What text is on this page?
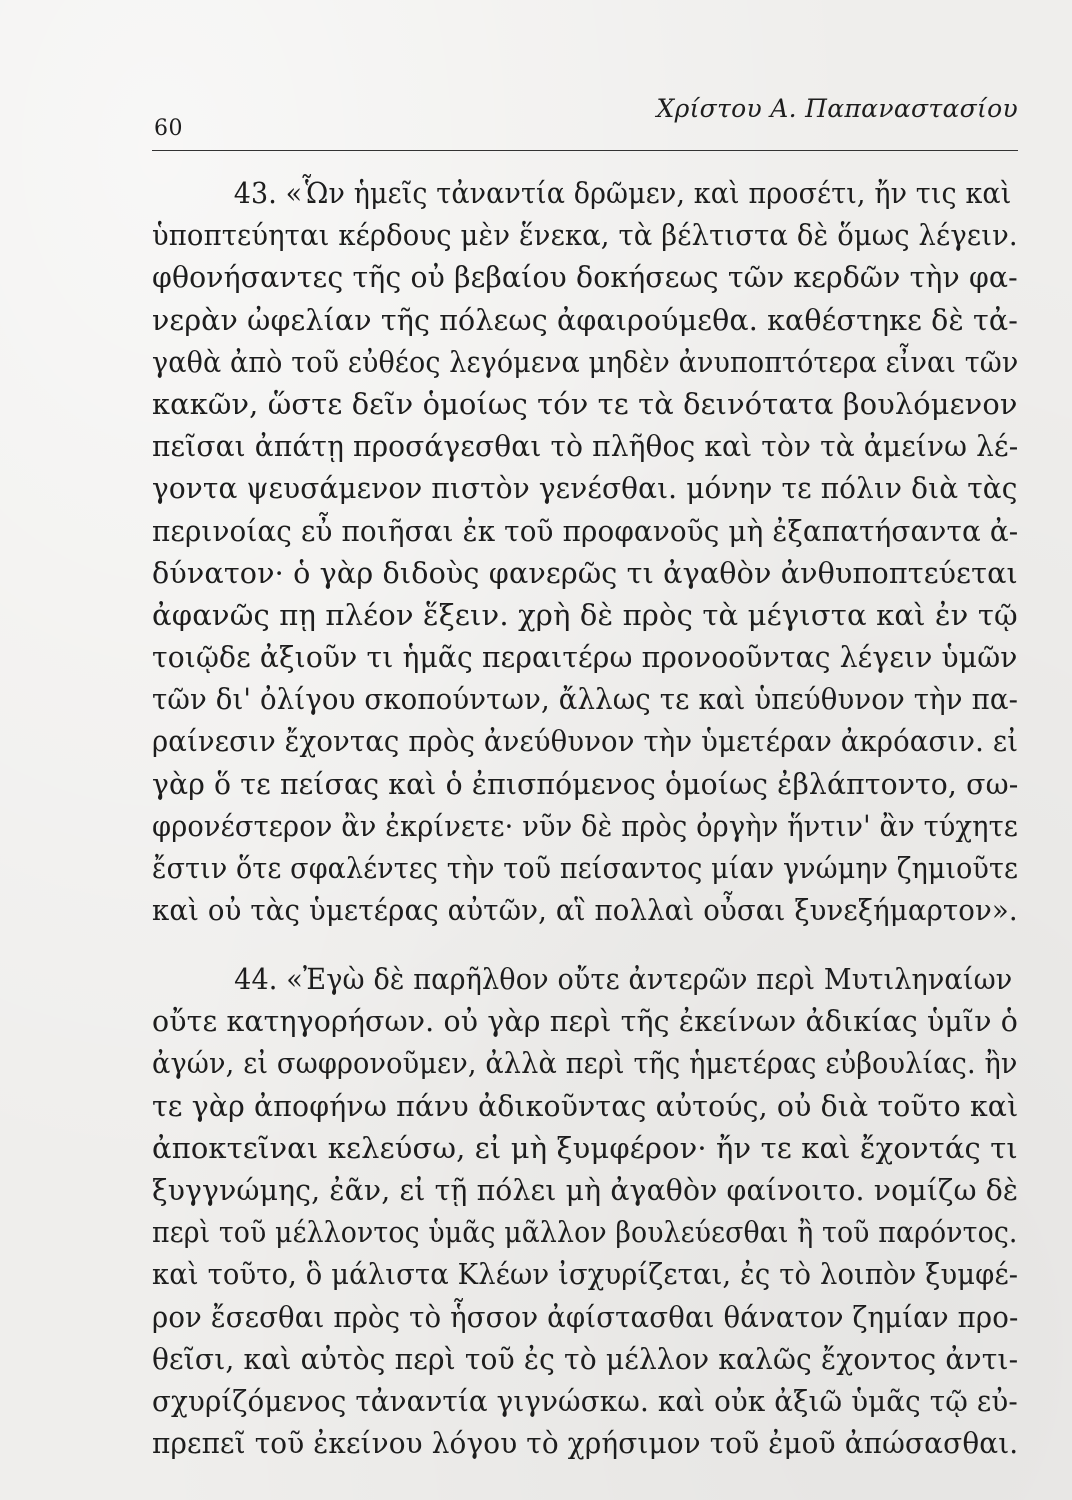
60
Χρίστου Α. Παπαναστασίου
43. «Ὧν ἡμεῖς τἀναντία δρῶμεν, καὶ προσέτι, ἤν τις καὶ
ὑποπτεύηται κέρδους μὲν ἕνεκα, τὰ βέλτιστα δὲ ὅμως λέγειν.
φθονήσαντες τῆς οὐ βεβαίου δοκήσεως τῶν κερδῶν τὴν φα-
νερὰν ὠφελίαν τῆς πόλεως ἀφαιρούμεθα. καθέστηκε δὲ τἀ-
γαθὰ ἀπὸ τοῦ εὐθέος λεγόμενα μηδὲν ἀνυποπτότερα εἶναι τῶν
κακῶν, ὥστε δεῖν ὁμοίως τόν τε τὰ δεινότατα βουλόμενον
πεῖσαι ἀπάτῃ προσάγεσθαι τὸ πλῆθος καὶ τὸν τὰ ἀμείνω λέ-
γοντα ψευσάμενον πιστὸν γενέσθαι. μόνην τε πόλιν διὰ τὰς
περινοίας εὖ ποιῆσαι ἐκ τοῦ προφανοῦς μὴ ἐξαπατήσαντα ἀ-
δύνατον· ὁ γὰρ διδοὺς φανερῶς τι ἀγαθὸν ἀνθυποπτεύεται
ἀφανῶς πῃ πλέον ἕξειν. χρὴ δὲ πρὸς τὰ μέγιστα καὶ ἐν τῷ
τοιῷδε ἀξιοῦν τι ἡμᾶς περαιτέρω προνοοῦντας λέγειν ὑμῶν
τῶν δι' ὀλίγου σκοπούντων, ἄλλως τε καὶ ὑπεύθυνον τὴν πα-
ραίνεσιν ἔχοντας πρὸς ἀνεύθυνον τὴν ὑμετέραν ἀκρόασιν. εἰ
γὰρ ὅ τε πείσας καὶ ὁ ἐπισπόμενος ὁμοίως ἐβλάπτοντο, σω-
φρονέστερον ἂν ἐκρίνετε· νῦν δὲ πρὸς ὀργὴν ἥντιν' ἂν τύχητε
ἔστιν ὅτε σφαλέντες τὴν τοῦ πείσαντος μίαν γνώμην ζημιοῦτε
καὶ οὐ τὰς ὑμετέρας αὐτῶν, αἳ πολλαὶ οὖσαι ξυνεξήμαρτον».
44. «Ἐγὼ δὲ παρῆλθον οὔτε ἀντερῶν περὶ Μυτιληναίων
οὔτε κατηγορήσων. οὐ γὰρ περὶ τῆς ἐκείνων ἀδικίας ὑμῖν ὁ
ἀγών, εἰ σωφρονοῦμεν, ἀλλὰ περὶ τῆς ἡμετέρας εὐβουλίας. ἢν
τε γὰρ ἀποφήνω πάνυ ἀδικοῦντας αὐτούς, οὐ διὰ τοῦτο καὶ
ἀποκτεῖναι κελεύσω, εἰ μὴ ξυμφέρον· ἤν τε καὶ ἔχοντάς τι
ξυγγνώμης, ἐᾶν, εἰ τῇ πόλει μὴ ἀγαθὸν φαίνοιτο. νομίζω δὲ
περὶ τοῦ μέλλοντος ὑμᾶς μᾶλλον βουλεύεσθαι ἢ τοῦ παρόντος.
καὶ τοῦτο, ὃ μάλιστα Κλέων ἰσχυρίζεται, ἐς τὸ λοιπὸν ξυμφέ-
ρον ἔσεσθαι πρὸς τὸ ἧσσον ἀφίστασθαι θάνατον ζημίαν προ-
θεῖσι, καὶ αὐτὸς περὶ τοῦ ἐς τὸ μέλλον καλῶς ἔχοντος ἀντι-
σχυρίζόμενος τἀναντία γιγνώσκω. καὶ οὐκ ἀξιῶ ὑμᾶς τῷ εὐ-
πρεπεῖ τοῦ ἐκείνου λόγου τὸ χρήσιμον τοῦ ἐμοῦ ἀπώσασθαι.
